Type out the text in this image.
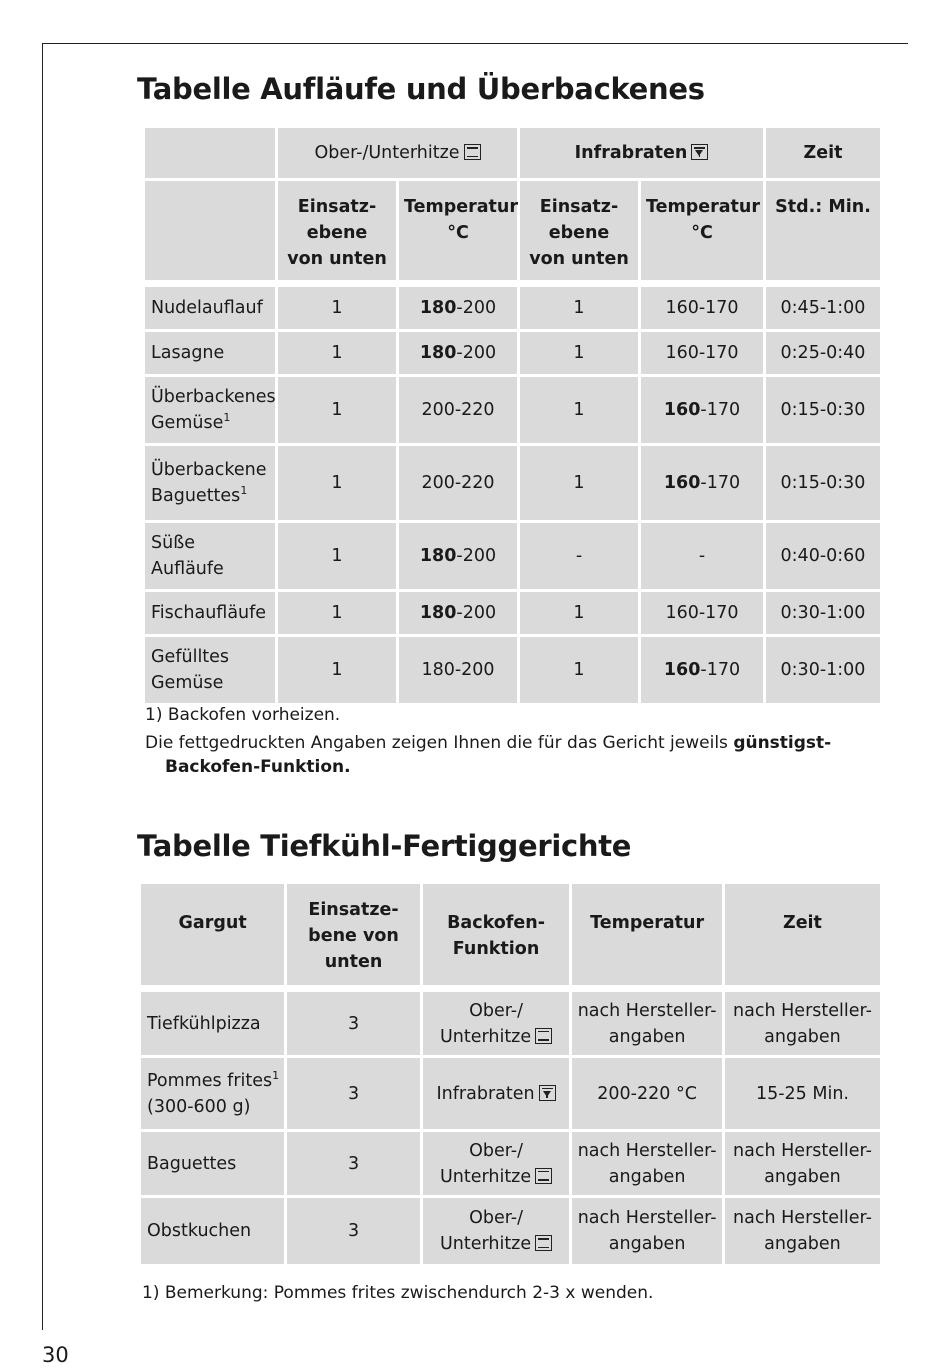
Tabelle Aufläufe und Überbackenes
	Ober-/Unterhitze		Infrabraten		Zeit
	Einsatz-
ebene
von unten	Temperatur
°C	Einsatz-
ebene
von unten	Temperatur
°C	Std.: Min.

Nudelauflauf	1	180-200	1	160-170	0:45-1:00
Lasagne	1	180-200	1	160-170	0:25-0:40
Überbackenes
Gemüse$^1$	1	200-220	1	160-170	0:15-0:30
Überbackene
Baguettes$^1$	1	200-220	1	160-170	0:15-0:30
Süße
Aufläufe	1	180-200	-	-	0:40-0:60
Fischaufläufe	1	180-200	1	160-170	0:30-1:00
Gefülltes
Gemüse	1	180-200	1	160-170	0:30-1:00

1) Backofen vorheizen.

Die fettgedruckten Angaben zeigen Ihnen die für das Gericht jeweils günstigst-
Backofen-Funktion.

Tabelle Tiefkühl-Fertiggerichte
Gargut	Einsatze-
bene von
unten	Backofen-
Funktion	Temperatur	Zeit

Tiefkühlpizza	3	Ober-/
Unterhitze	nach Hersteller-
angaben	nach Hersteller-
angaben
Pommes frites$^1$
(300-600 g)	3	Infrabraten	200-220 °C	15-25 Min.
Baguettes	3	Ober-/
Unterhitze	nach Hersteller-
angaben	nach Hersteller-
angaben
Obstkuchen	3	Ober-/
Unterhitze	nach Hersteller-
angaben	nach Hersteller-
angaben

1) Bemerkung: Pommes frites zwischendurch 2-3 x wenden.

30
